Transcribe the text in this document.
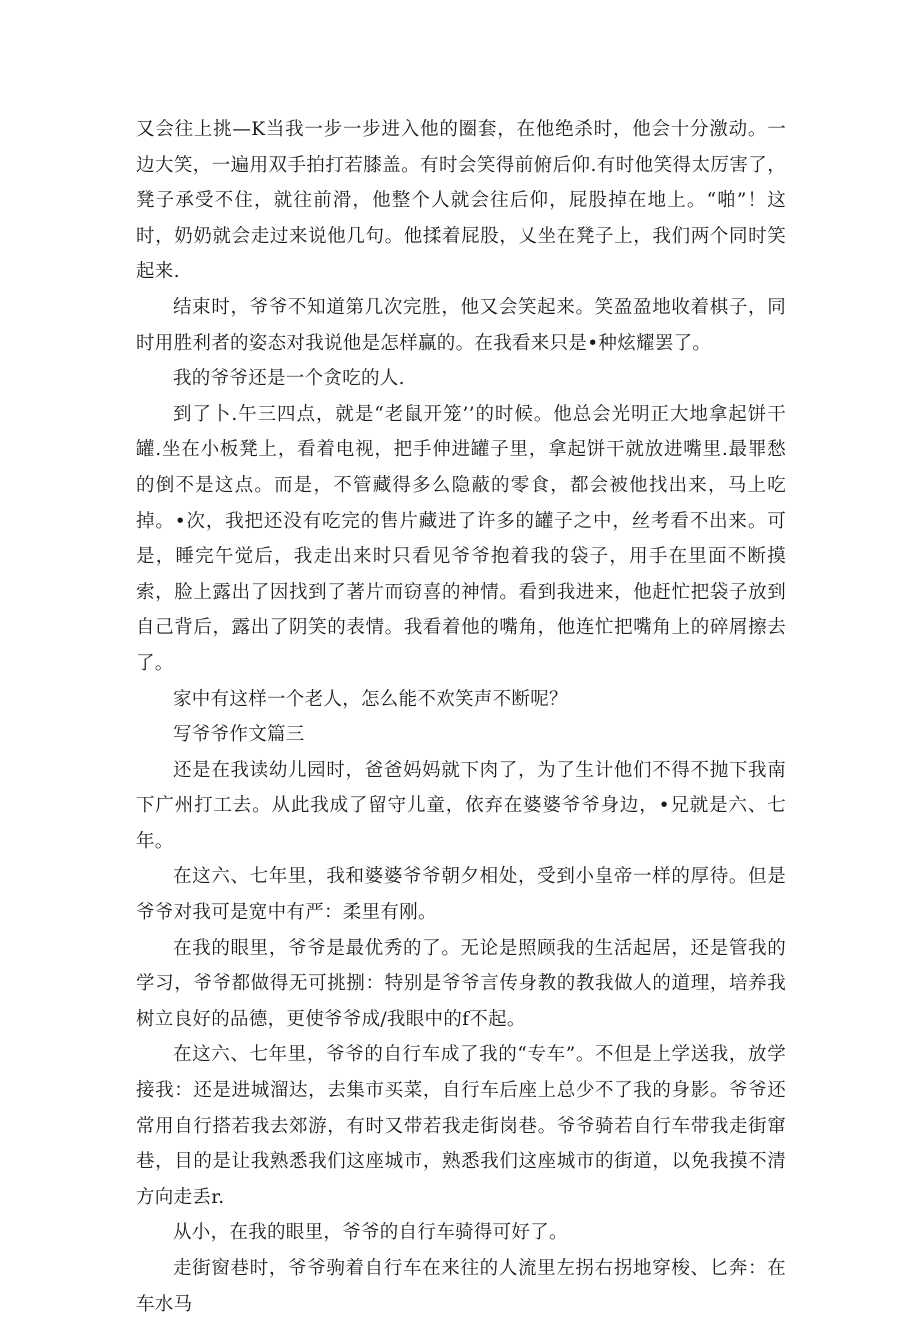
又会往上挑—K当我一步一步进入他的圈套，在他绝杀时，他会十分激动。一边大笑，一遍用双手拍打若膝盖。有时会笑得前俯后仰.有时他笑得太厉害了，凳子承受不住，就往前滑，他整个人就会往后仰，屁股掉在地上。“啪”！这时，奶奶就会走过来说他几句。他揉着屁股，乂坐在凳子上，我们两个同时笑起来.

结束时，爷爷不知道第几次完胜，他又会笑起来。笑盈盈地收着棋子，同时用胜利者的姿态对我说他是怎样赢的。在我看来只是•种炫耀罢了。

我的爷爷还是一个贪吃的人.

到了卜.午三四点，就是“老鼠开笼’’的时候。他总会光明正大地拿起饼干罐.坐在小板凳上，看着电视，把手伸进罐子里，拿起饼干就放进嘴里.最罪愁的倒不是这点。而是，不管藏得多么隐蔽的零食，都会被他找出来，马上吃掉。•次，我把还没有吃完的售片藏进了许多的罐子之中，丝考看不出来。可是，睡完午觉后，我走出来时只看见爷爷抱着我的袋子，用手在里面不断摸索，脸上露出了因找到了著片而窃喜的神情。看到我进来，他赶忙把袋子放到自己背后，露出了阴笑的表情。我看着他的嘴角，他连忙把嘴角上的碎屑擦去了。

家中有这样一个老人，怎么能不欢笑声不断呢？

写爷爷作文篇三

还是在我读幼儿园时，爸爸妈妈就下肉了，为了生计他们不得不抛下我南下广州打工去。从此我成了留守儿童，依弃在婆婆爷爷身边，•兄就是六、七年。

在这六、七年里，我和婆婆爷爷朝夕相处，受到小皇帝一样的厚待。但是爷爷对我可是宽中有严：柔里有刚。

在我的眼里，爷爷是最优秀的了。无论是照顾我的生活起居，还是管我的学习，爷爷都做得无可挑捌：特别是爷爷言传身教的教我做人的道理，培养我树立良好的品德，更使爷爷成/我眼中的f不起。

在这六、七年里，爷爷的自行车成了我的“专车”。不但是上学送我，放学接我：还是进城溜达，去集市买菜，自行车后座上总少不了我的身影。爷爷还常用自行搭若我去郊游，有时又带若我走街岗巷。爷爷骑若自行车带我走街窜巷，目的是让我熟悉我们这座城市，熟悉我们这座城市的街道，以免我摸不清方向走丢r.

从小，在我的眼里，爷爷的自行车骑得可好了。

走街窗巷时，爷爷驹着自行车在来往的人流里左拐右拐地穿梭、匕奔：在车水马
